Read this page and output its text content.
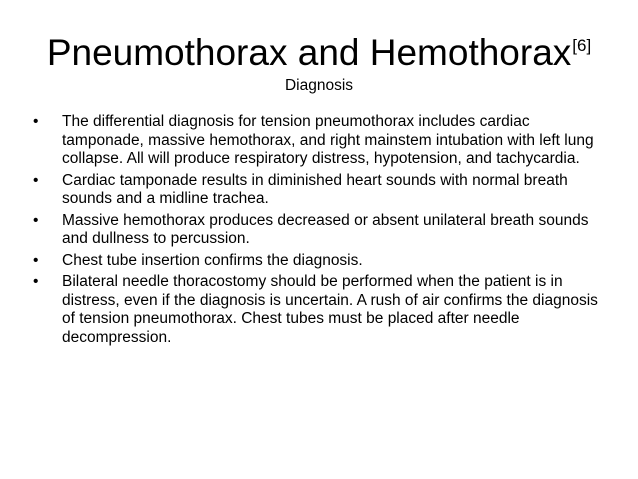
Pneumothorax and Hemothorax[6]
Diagnosis
• The differential diagnosis for tension pneumothorax includes cardiac tamponade, massive hemothorax, and right mainstem intubation with left lung collapse. All will produce respiratory distress, hypotension, and tachycardia.
• Cardiac tamponade results in diminished heart sounds with normal breath sounds and a midline trachea.
• Massive hemothorax produces decreased or absent unilateral breath sounds and dullness to percussion.
• Chest tube insertion confirms the diagnosis.
• Bilateral needle thoracostomy should be performed when the patient is in distress, even if the diagnosis is uncertain. A rush of air confirms the diagnosis of tension pneumothorax. Chest tubes must be placed after needle decompression.
